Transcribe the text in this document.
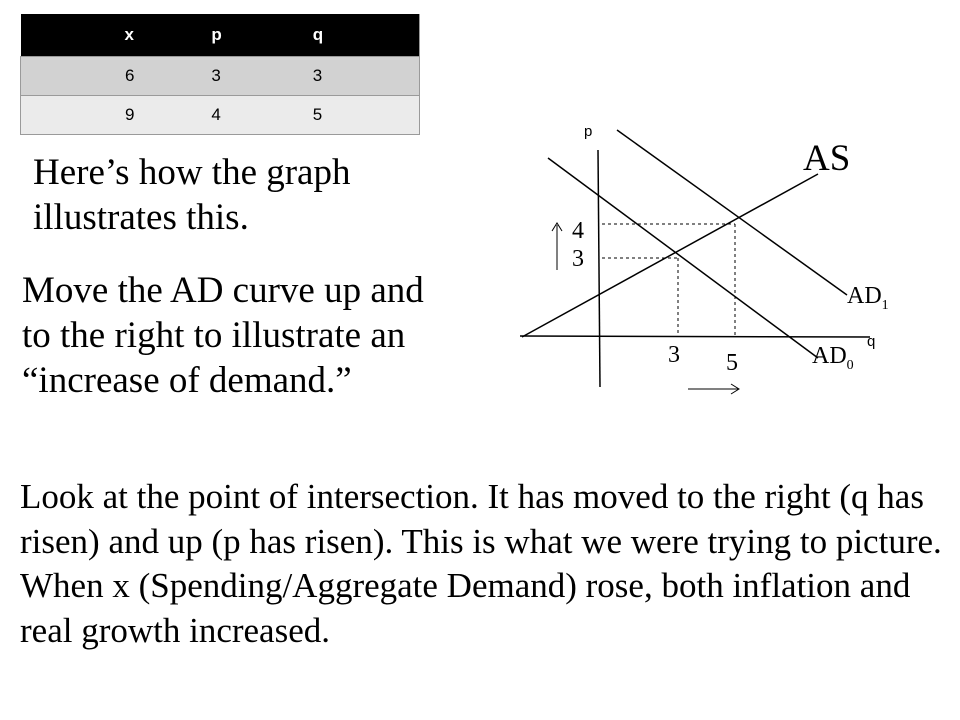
x	p	q
6	3	3
9	4	5
Here’s how the graph illustrates this.
Move the AD curve up and to the right to illustrate an “increase of demand.”
p
q
AS
$AD_1$
$AD_0$
4
3
3 5
Look at the point of intersection. It has moved to the right (q has risen) and up (p has risen). This is what we were trying to picture. When x (Spending/Aggregate Demand) rose, both inflation and real growth increased.
